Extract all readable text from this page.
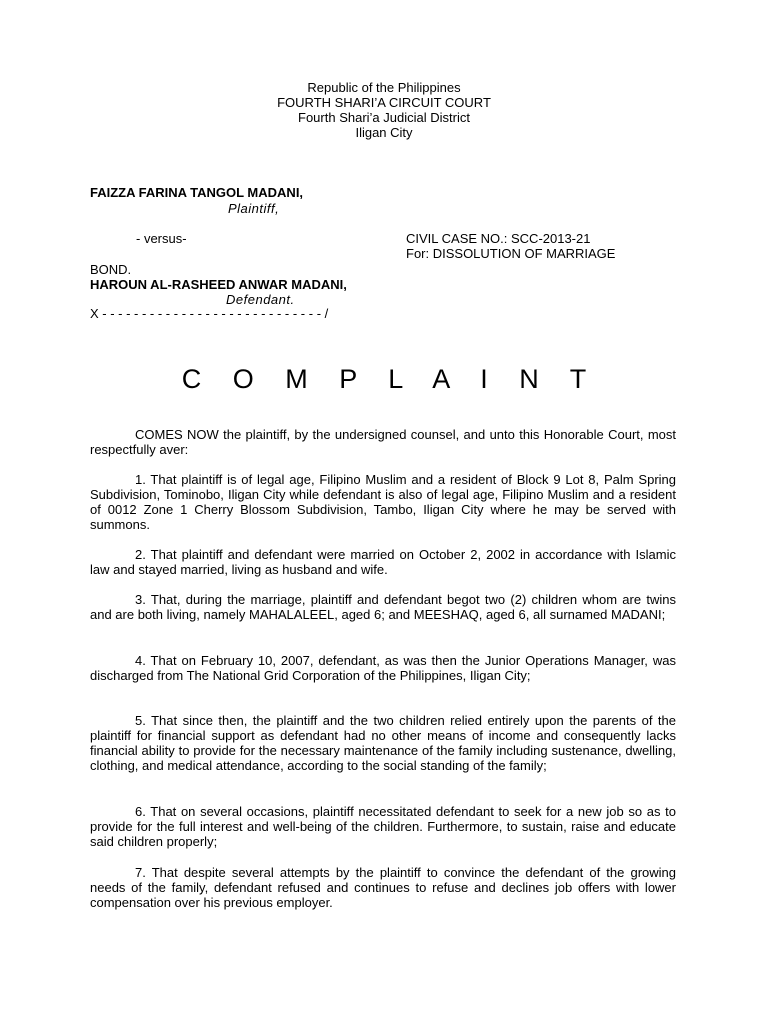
Republic of the Philippines
FOURTH SHARI’A CIRCUIT COURT
Fourth Shari’a Judicial District
Iligan City
FAIZZA FARINA TANGOL MADANI,
Plaintiff,
- versus-	CIVIL CASE NO.: SCC-2013-21
For: DISSOLUTION OF MARRIAGE
BOND.
HAROUN AL-RASHEED ANWAR MADANI,
Defendant.
X - - - - - - - - - - - - - - - - - - - - - - - - - - - - /
C O M P L A I N T

COMES NOW the plaintiff, by the undersigned counsel, and unto this Honorable Court, most respectfully aver:

1. That plaintiff is of legal age, Filipino Muslim and a resident of Block 9 Lot 8, Palm Spring Subdivision, Tominobo, Iligan City while defendant is also of legal age, Filipino Muslim and a resident of 0012 Zone 1 Cherry Blossom Subdivision, Tambo, Iligan City where he may be served with summons.

2. That plaintiff and defendant were married on October 2, 2002 in accordance with Islamic law and stayed married, living as husband and wife.

3. That, during the marriage, plaintiff and defendant begot two (2) children whom are twins and are both living, namely MAHALALEEL, aged 6; and MEESHAQ, aged 6, all surnamed MADANI;

4. That on February 10, 2007, defendant, as was then the Junior Operations Manager, was discharged from The National Grid Corporation of the Philippines, Iligan City;

5. That since then, the plaintiff and the two children relied entirely upon the parents of the plaintiff for financial support as defendant had no other means of income and consequently lacks financial ability to provide for the necessary maintenance of the family including sustenance, dwelling, clothing, and medical attendance, according to the social standing of the family;

6. That on several occasions, plaintiff necessitated defendant to seek for a new job so as to provide for the full interest and well-being of the children. Furthermore, to sustain, raise and educate said children properly;

7. That despite several attempts by the plaintiff to convince the defendant of the growing needs of the family, defendant refused and continues to refuse and declines job offers with lower compensation over his previous employer.
